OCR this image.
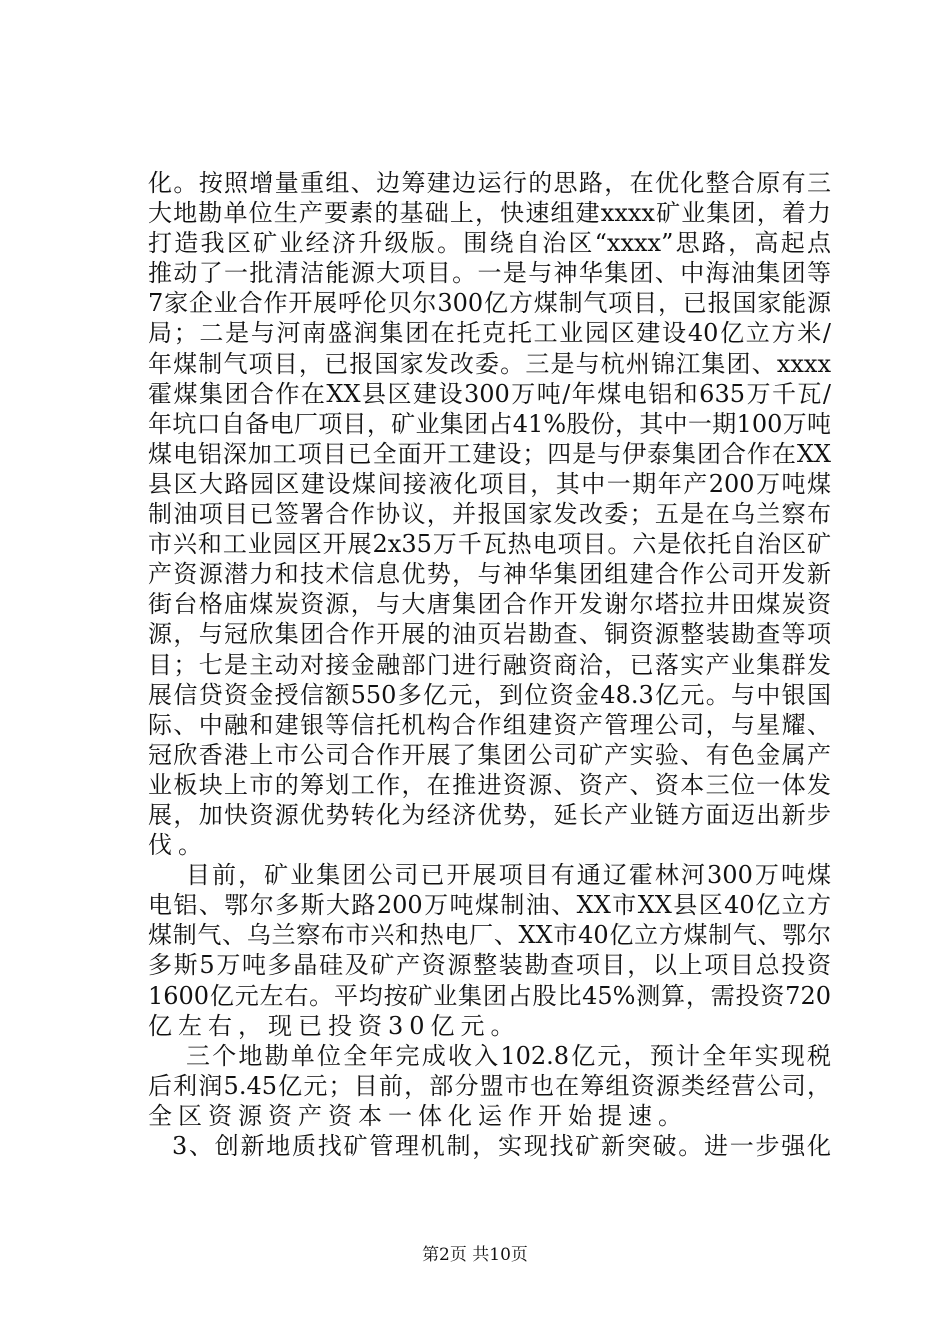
化。按照增量重组、边筹建边运行的思路，在优化整合原有三
大地勘单位生产要素的基础上，快速组建xxxx矿业集团，着力
打造我区矿业经济升级版。围绕自治区“xxxx”思路，高起点
推动了一批清洁能源大项目。一是与神华集团、中海油集团等
7家企业合作开展呼伦贝尔300亿方煤制气项目，已报国家能源
局；二是与河南盛润集团在托克托工业园区建设40亿立方米/
年煤制气项目，已报国家发改委。三是与杭州锦江集团、xxxx
霍煤集团合作在XX县区建设300万吨/年煤电铝和635万千瓦/
年坑口自备电厂项目，矿业集团占41%股份，其中一期100万吨
煤电铝深加工项目已全面开工建设；四是与伊泰集团合作在XX
县区大路园区建设煤间接液化项目，其中一期年产200万吨煤
制油项目已签署合作协议，并报国家发改委；五是在乌兰察布
市兴和工业园区开展2x35万千瓦热电项目。六是依托自治区矿
产资源潜力和技术信息优势，与神华集团组建合作公司开发新
街台格庙煤炭资源，与大唐集团合作开发谢尔塔拉井田煤炭资
源，与冠欣集团合作开展的油页岩勘查、铜资源整装勘查等项
目；七是主动对接金融部门进行融资商洽，已落实产业集群发
展信贷资金授信额550多亿元，到位资金48.3亿元。与中银国
际、中融和建银等信托机构合作组建资产管理公司，与星耀、
冠欣香港上市公司合作开展了集团公司矿产实验、有色金属产
业板块上市的筹划工作，在推进资源、资产、资本三位一体发
展，加快资源优势转化为经济优势，延长产业链方面迈出新步
伐。
目前，矿业集团公司已开展项目有通辽霍林河300万吨煤
电铝、鄂尔多斯大路200万吨煤制油、XX市XX县区40亿立方
煤制气、乌兰察布市兴和热电厂、XX市40亿立方煤制气、鄂尔
多斯5万吨多晶硅及矿产资源整装勘查项目，以上项目总投资
1600亿元左右。平均按矿业集团占股比45%测算，需投资720
亿左右，现已投资30亿元。
三个地勘单位全年完成收入102.8亿元，预计全年实现税
后利润5.45亿元；目前，部分盟市也在筹组资源类经营公司，
全区资源资产资本一体化运作开始提速。
3、创新地质找矿管理机制，实现找矿新突破。进一步强化
第2页 共10页
